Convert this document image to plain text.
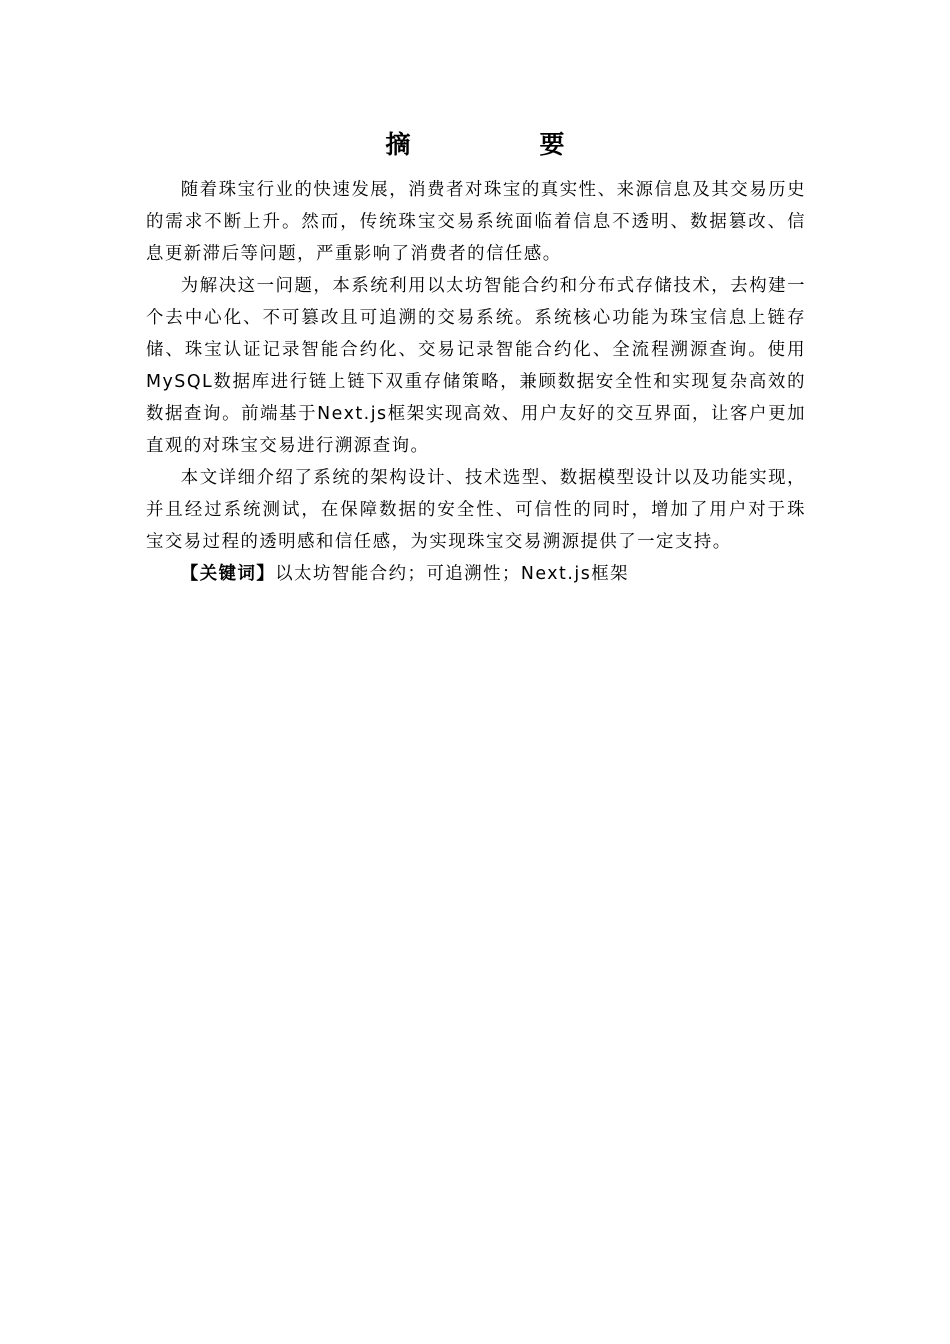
摘　要

随着珠宝行业的快速发展，消费者对珠宝的真实性、来源信息及其交易历史的需求不断上升。然而，传统珠宝交易系统面临着信息不透明、数据篡改、信息更新滞后等问题，严重影响了消费者的信任感。

为解决这一问题，本系统利用以太坊智能合约和分布式存储技术，去构建一个去中心化、不可篡改且可追溯的交易系统。系统核心功能为珠宝信息上链存储、珠宝认证记录智能合约化、交易记录智能合约化、全流程溯源查询。使用MySQL数据库进行链上链下双重存储策略，兼顾数据安全性和实现复杂高效的数据查询。前端基于Next.js框架实现高效、用户友好的交互界面，让客户更加直观的对珠宝交易进行溯源查询。

本文详细介绍了系统的架构设计、技术选型、数据模型设计以及功能实现，并且经过系统测试，在保障数据的安全性、可信性的同时，增加了用户对于珠宝交易过程的透明感和信任感，为实现珠宝交易溯源提供了一定支持。

【关键词】以太坊智能合约；可追溯性；Next.js框架
